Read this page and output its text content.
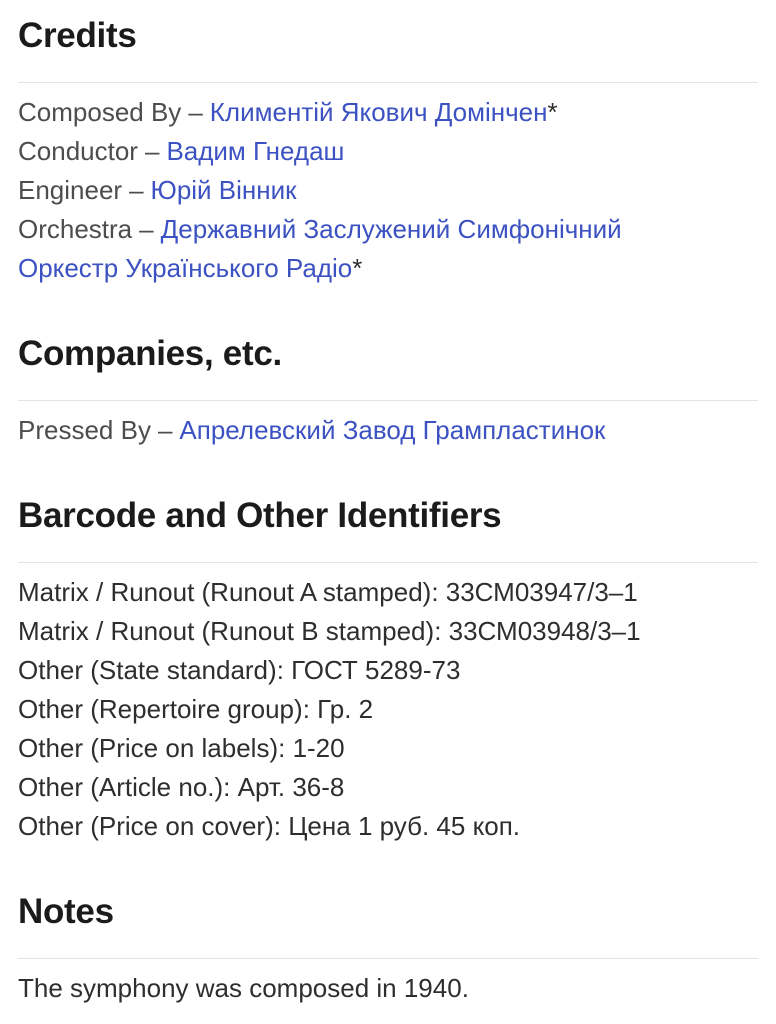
Credits

Composed By – Климентій Якович Домінчен*

Conductor – Вадим Гнедаш

Engineer – Юрій Вінник

Orchestra – Державний Заслужений Симфонічний Оркестр Українського Радіо*

Companies, etc.

Pressed By – Апрелевский Завод Грампластинок

Barcode and Other Identifiers

Matrix / Runout (Runout A stamped): 33СМ03947/3–1

Matrix / Runout (Runout B stamped): 33СМ03948/3–1

Other (State standard): ГОСТ 5289-73

Other (Repertoire group): Гр. 2

Other (Price on labels): 1-20

Other (Article no.): Арт. 36-8

Other (Price on cover): Цена 1 руб. 45 коп.

Notes

The symphony was composed in 1940.
